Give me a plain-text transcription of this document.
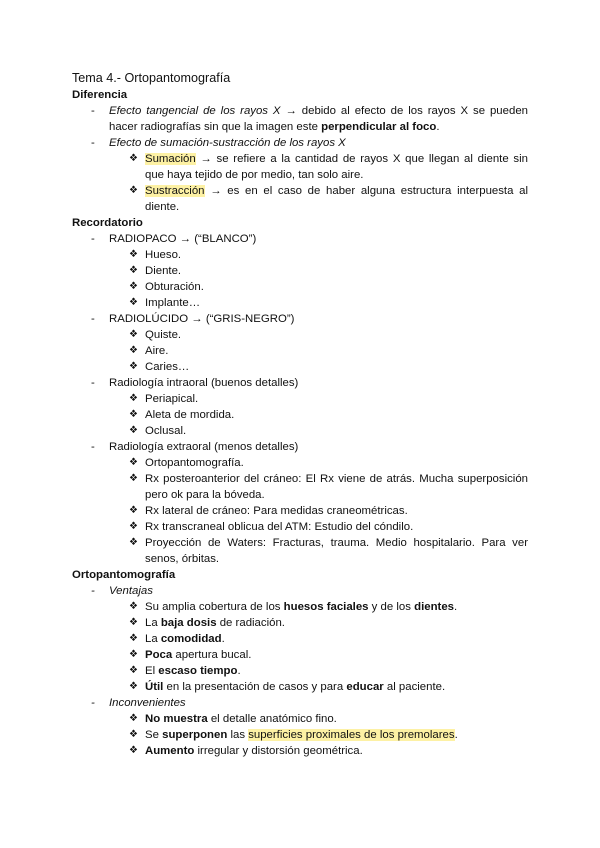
Tema 4.- Ortopantomografía
Diferencia
- Efecto tangencial de los rayos X → debido al efecto de los rayos X se pueden hacer radiografías sin que la imagen este perpendicular al foco.
- Efecto de sumación-sustracción de los rayos X
❖ Sumación → se refiere a la cantidad de rayos X que llegan al diente sin que haya tejido de por medio, tan solo aire.
❖ Sustracción → es en el caso de haber alguna estructura interpuesta al diente.
Recordatorio
- RADIOPACO → (“BLANCO”)
❖ Hueso.
❖ Diente.
❖ Obturación.
❖ Implante…
- RADIOLÚCIDO → (“GRIS-NEGRO”)
❖ Quiste.
❖ Aire.
❖ Caries…
- Radiología intraoral (buenos detalles)
❖ Periapical.
❖ Aleta de mordida.
❖ Oclusal.
- Radiología extraoral (menos detalles)
❖ Ortopantomografía.
❖ Rx posteroanterior del cráneo: El Rx viene de atrás. Mucha superposición pero ok para la bóveda.
❖ Rx lateral de cráneo: Para medidas craneométricas.
❖ Rx transcraneal oblicua del ATM: Estudio del cóndilo.
❖ Proyección de Waters: Fracturas, trauma. Medio hospitalario. Para ver senos, órbitas.
Ortopantomografía
- Ventajas
❖ Su amplia cobertura de los huesos faciales y de los dientes.
❖ La baja dosis de radiación.
❖ La comodidad.
❖ Poca apertura bucal.
❖ El escaso tiempo.
❖ Útil en la presentación de casos y para educar al paciente.
- Inconvenientes
❖ No muestra el detalle anatómico fino.
❖ Se superponen las superficies proximales de los premolares.
❖ Aumento irregular y distorsión geométrica.
